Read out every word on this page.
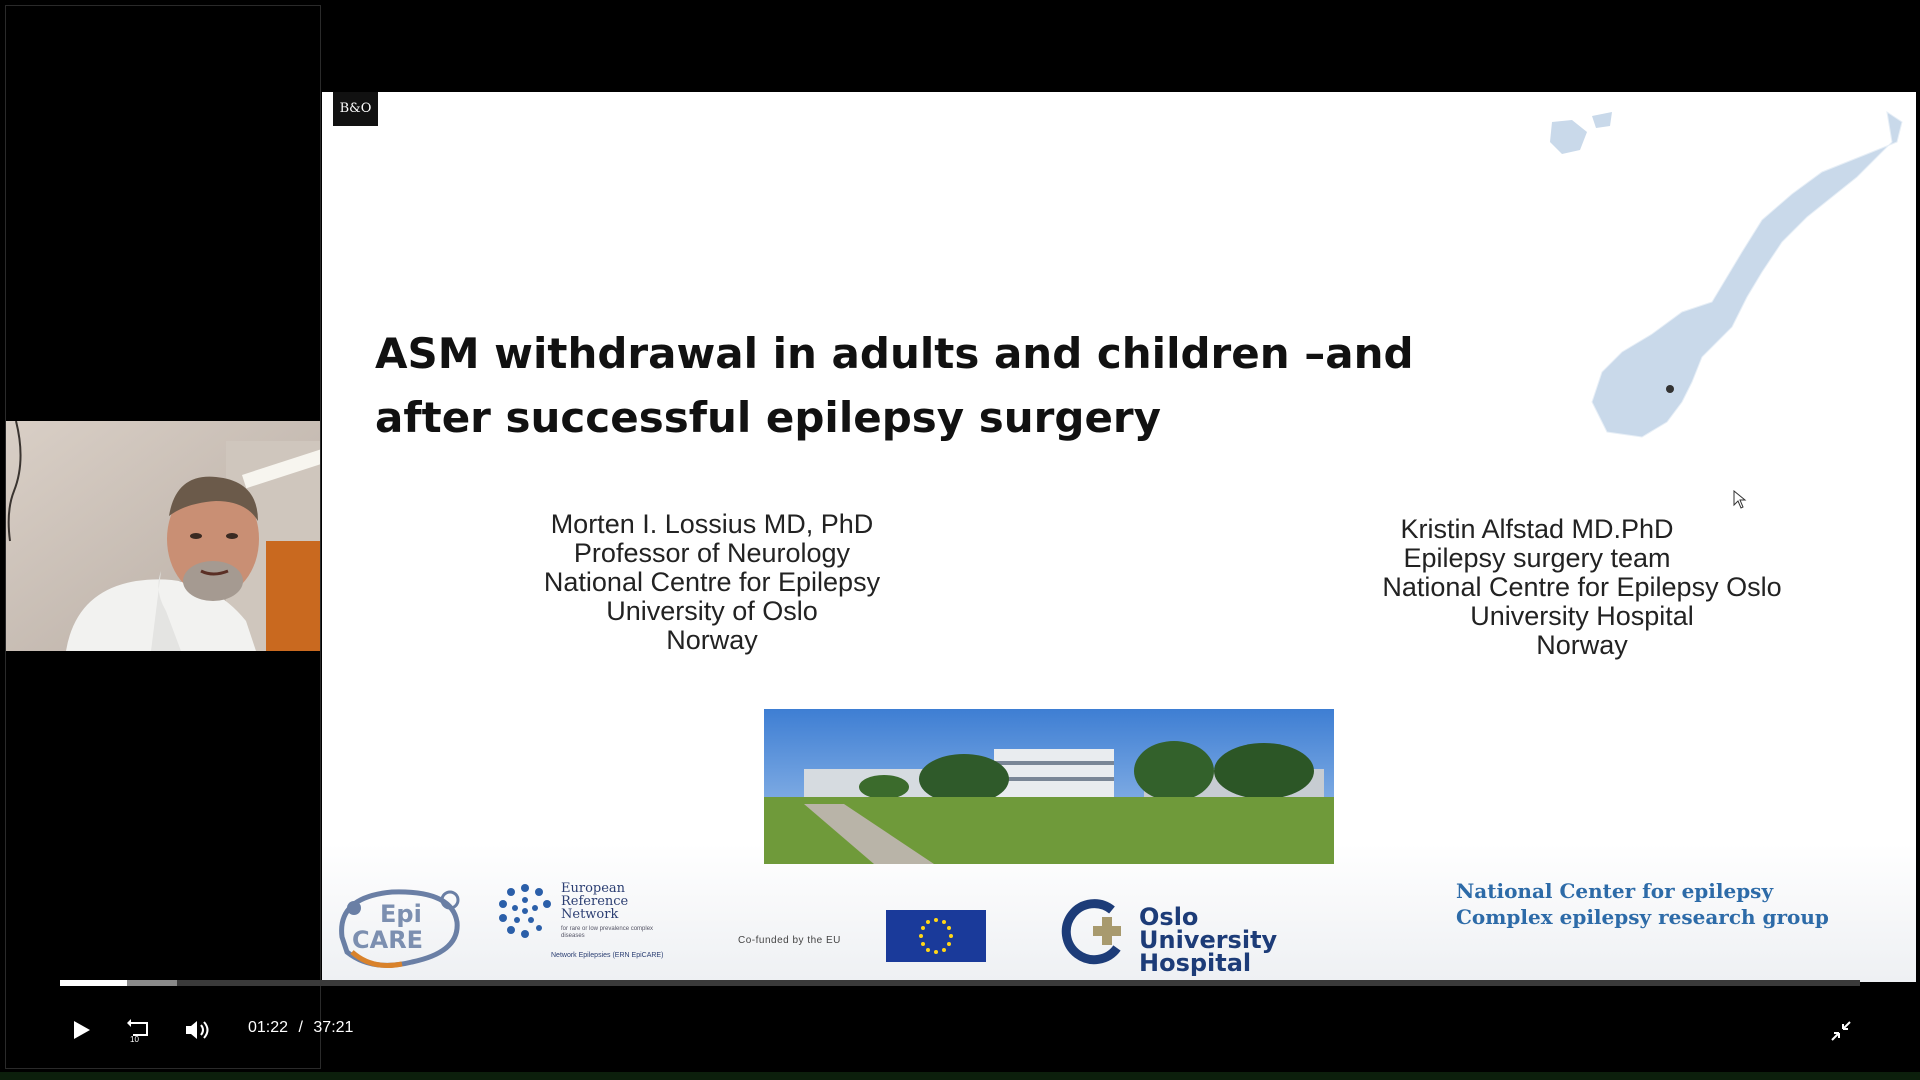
B&O
ASM withdrawal in adults and children –and after successful epilepsy surgery
Morten I. Lossius MD, PhD
Professor of Neurology
National Centre for Epilepsy
University of Oslo
Norway
Kristin Alfstad MD.PhD
Epilepsy surgery team
National Centre for Epilepsy Oslo
University Hospital
Norway
Epi
CARE
European
Reference
Network
for rare or low prevalence complex diseases
Network Epilepsies (ERN EpiCARE)
Co-funded by the EU
Oslo
University Hospital
National Center for epilepsy
Complex epilepsy research group
10
01:22 / 37:21
